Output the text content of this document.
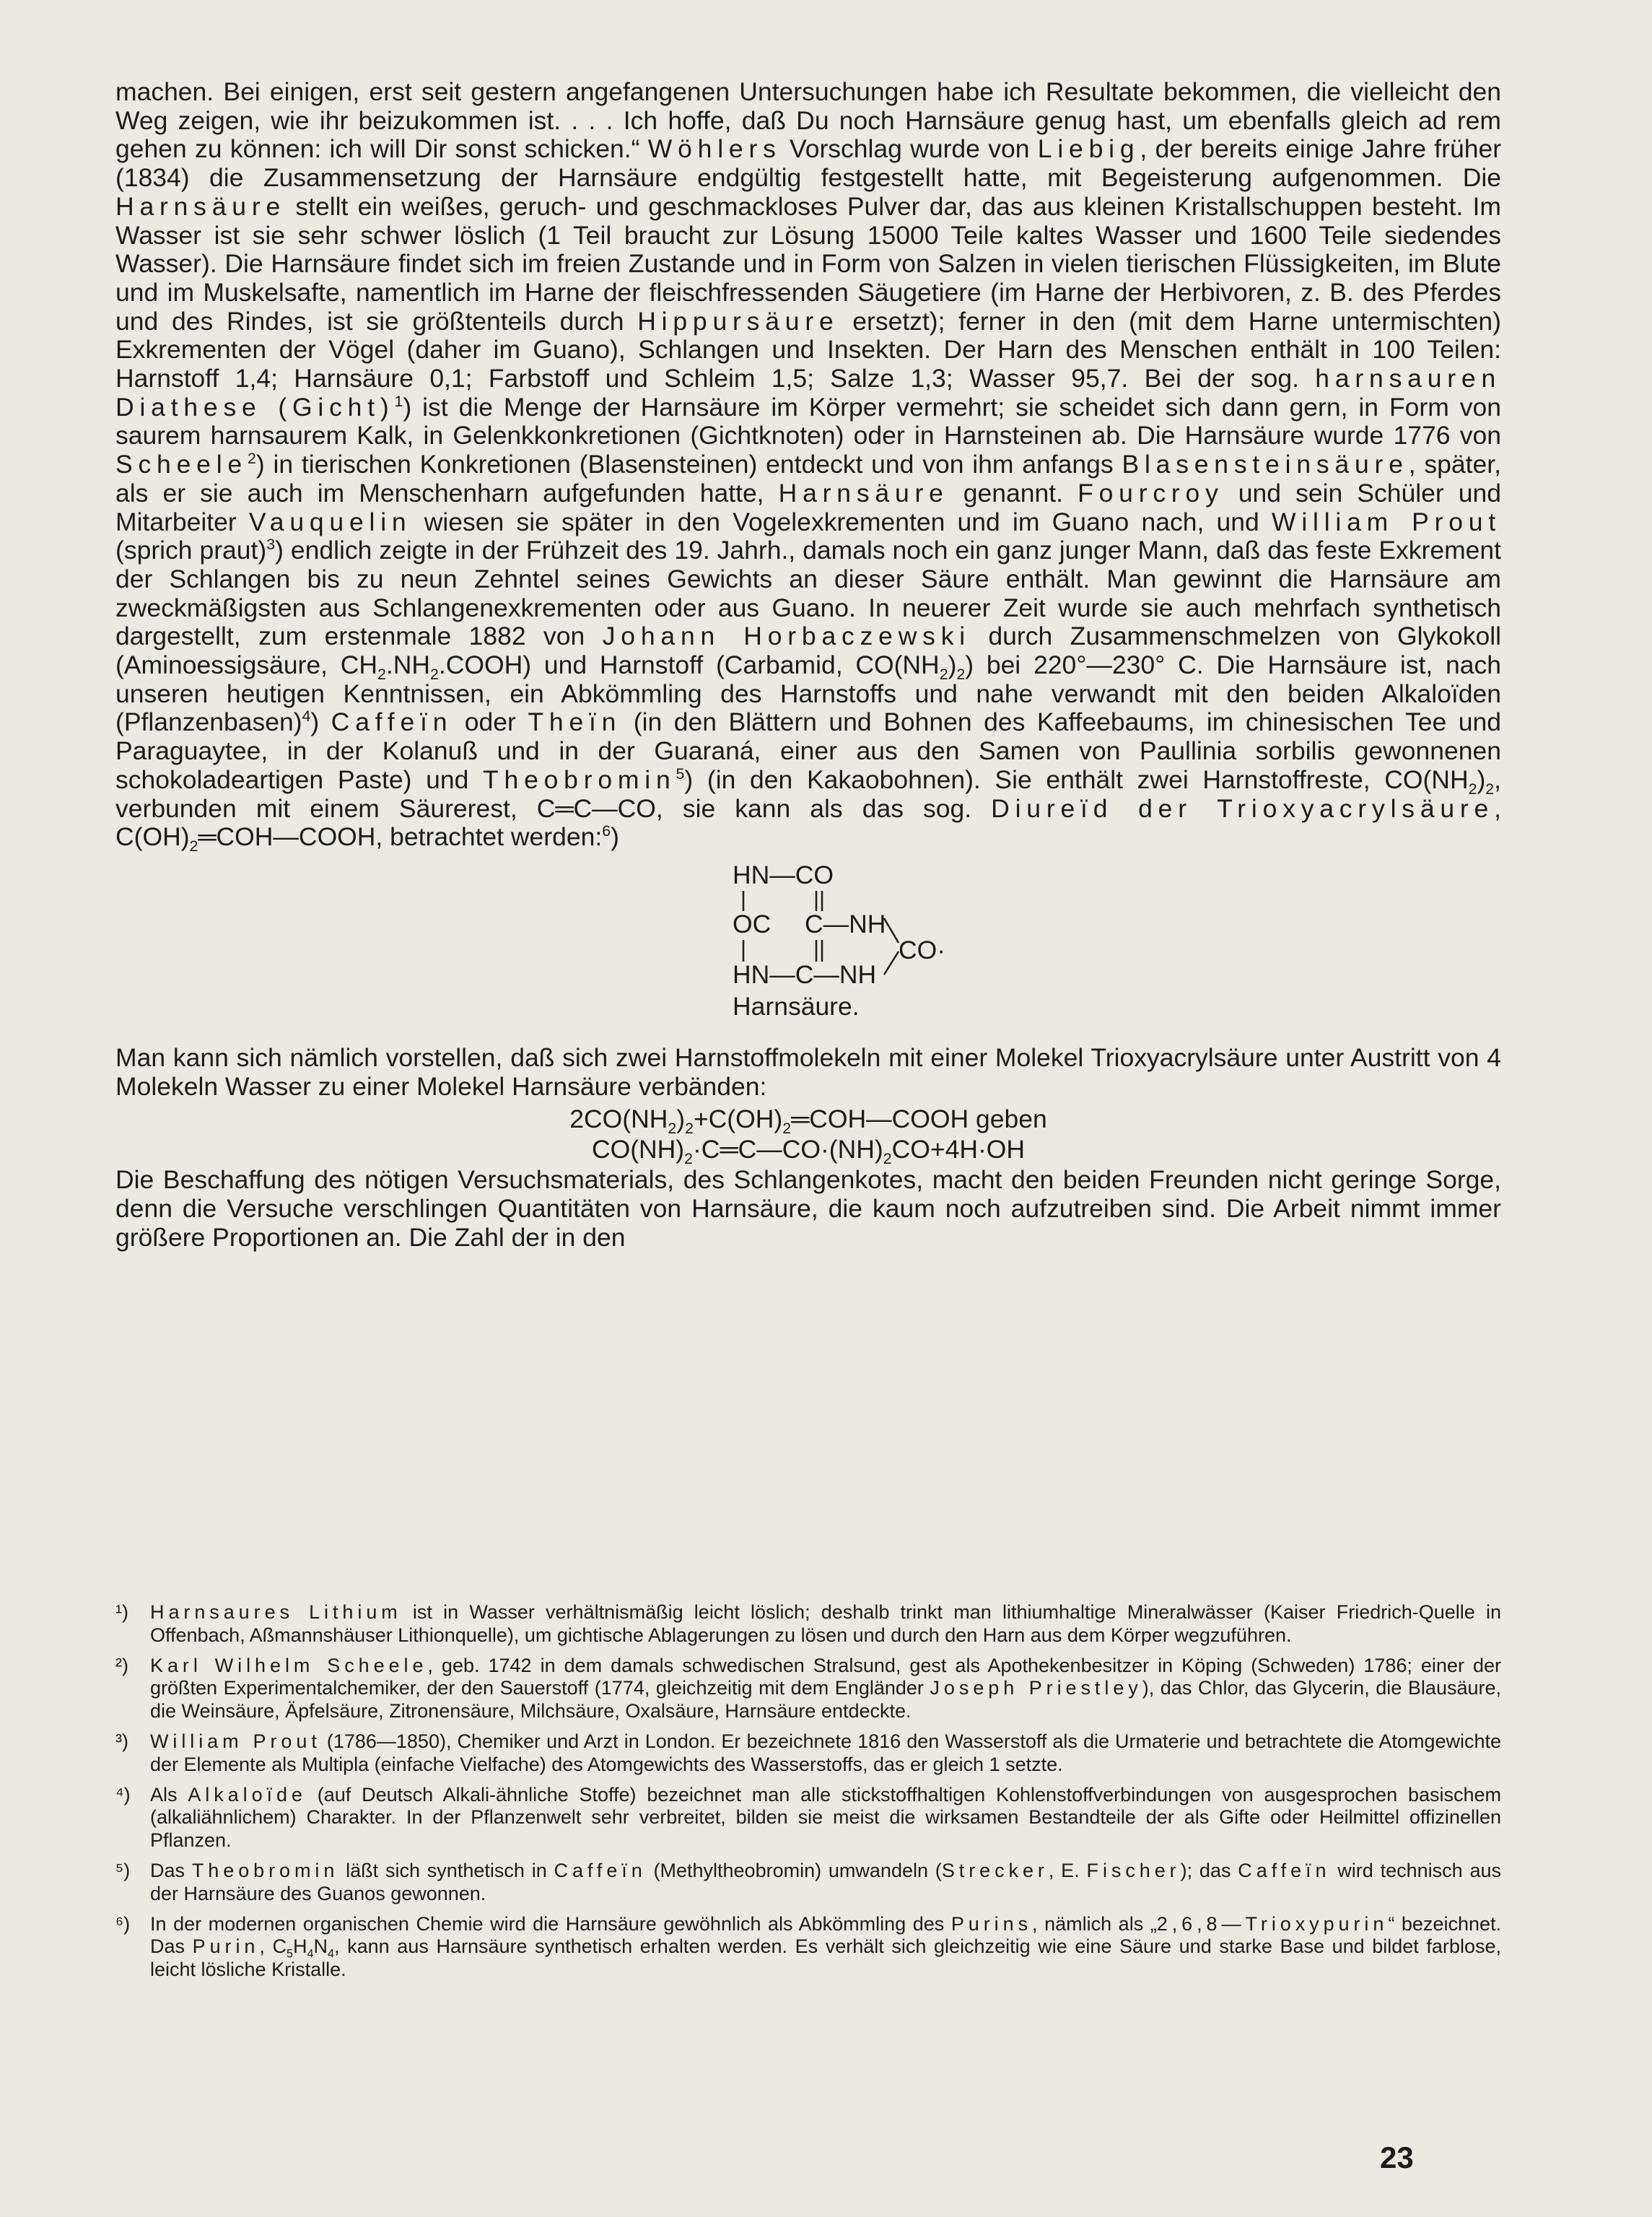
machen. Bei einigen, erst seit gestern angefangenen Untersuchungen habe ich Resultate bekommen, die vielleicht den Weg zeigen, wie ihr beizukommen ist. . . . Ich hoffe, daß Du noch Harnsäure genug hast, um ebenfalls gleich ad rem gehen zu können: ich will Dir sonst schicken.“ Wöhlers Vorschlag wurde von Liebig, der bereits einige Jahre früher (1834) die Zusammensetzung der Harnsäure endgültig festgestellt hatte, mit Begeisterung aufgenommen. Die Harnsäure stellt ein weißes, geruch- und geschmackloses Pulver dar, das aus kleinen Kristallschuppen besteht. Im Wasser ist sie sehr schwer löslich (1 Teil braucht zur Lösung 15000 Teile kaltes Wasser und 1600 Teile siedendes Wasser). Die Harnsäure findet sich im freien Zustande und in Form von Salzen in vielen tierischen Flüssigkeiten, im Blute und im Muskelsafte, namentlich im Harne der fleischfressenden Säugetiere (im Harne der Herbivoren, z. B. des Pferdes und des Rindes, ist sie größtenteils durch Hippursäure ersetzt); ferner in den (mit dem Harne untermischten) Exkrementen der Vögel (daher im Guano), Schlangen und Insekten. Der Harn des Menschen enthält in 100 Teilen: Harnstoff 1,4; Harnsäure 0,1; Farbstoff und Schleim 1,5; Salze 1,3; Wasser 95,7. Bei der sog. harnsauren Diathese (Gicht)$^1$) ist die Menge der Harnsäure im Körper vermehrt; sie scheidet sich dann gern, in Form von saurem harnsaurem Kalk, in Gelenkkonkretionen (Gichtknoten) oder in Harnsteinen ab. Die Harnsäure wurde 1776 von Scheele$^2$) in tierischen Konkretionen (Blasensteinen) entdeckt und von ihm anfangs Blasensteinsäure, später, als er sie auch im Menschenharn aufgefunden hatte, Harnsäure genannt. Fourcroy und sein Schüler und Mitarbeiter Vauquelin wiesen sie später in den Vogelexkrementen und im Guano nach, und William Prout (sprich praut)$^3$) endlich zeigte in der Frühzeit des 19. Jahrh., damals noch ein ganz junger Mann, daß das feste Exkrement der Schlangen bis zu neun Zehntel seines Gewichts an dieser Säure enthält. Man gewinnt die Harnsäure am zweckmäßigsten aus Schlangenexkrementen oder aus Guano. In neuerer Zeit wurde sie auch mehrfach synthetisch dargestellt, zum erstenmale 1882 von Johann Horbaczewski durch Zusammenschmelzen von Glykokoll (Aminoessigsäure, $CH_2.NH_2.COOH$) und Harnstoff (Carbamid, $CO(NH_2)_2$) bei 220°—230° C. Die Harnsäure ist, nach unseren heutigen Kenntnissen, ein Abkömmling des Harnstoffs und nahe verwandt mit den beiden Alkaloïden (Pflanzenbasen)$^4$) Caffeïn oder Theïn (in den Blättern und Bohnen des Kaffeebaums, im chinesischen Tee und Paraguaytee, in der Kolanuß und in der Guaraná, einer aus den Samen von Paullinia sorbilis gewonnenen schokoladeartigen Paste) und Theobromin$^5$) (in den Kakaobohnen). Sie enthält zwei Harnstoffreste, $CO(NH_2)_2$, verbunden mit einem Säurerest, C═C—CO, sie kann als das sog. Diureïd der Trioxyacrylsäure, $C(OH)_2═COH—COOH$, betrachtet werden:$^6$)

HN—CO
OC C—NH
CO·
HN—C—NH
Harnsäure.

Man kann sich nämlich vorstellen, daß sich zwei Harnstoffmolekeln mit einer Molekel Trioxyacrylsäure unter Austritt von 4 Molekeln Wasser zu einer Molekel Harnsäure verbänden:

$2CO(NH_2)_2+C(OH)_2═COH—COOH$ geben
$CO(NH)_2\cdot C═C—CO\cdot(NH)_2CO+4H\cdot OH$

Die Beschaffung des nötigen Versuchsmaterials, des Schlangenkotes, macht den beiden Freunden nicht geringe Sorge, denn die Versuche verschlingen Quantitäten von Harnsäure, die kaum noch aufzutreiben sind. Die Arbeit nimmt immer größere Proportionen an. Die Zahl der in den

¹) Harnsaures Lithium ist in Wasser verhältnismäßig leicht löslich; deshalb trinkt man lithiumhaltige Mineralwässer (Kaiser Friedrich-Quelle in Offenbach, Aßmannshäuser Lithionquelle), um gichtische Ablagerungen zu lösen und durch den Harn aus dem Körper wegzuführen.
²) Karl Wilhelm Scheele, geb. 1742 in dem damals schwedischen Stralsund, gest als Apothekenbesitzer in Köping (Schweden) 1786; einer der größten Experimentalchemiker, der den Sauerstoff (1774, gleichzeitig mit dem Engländer Joseph Priestley), das Chlor, das Glycerin, die Blausäure, die Weinsäure, Äpfelsäure, Zitronensäure, Milchsäure, Oxalsäure, Harnsäure entdeckte.
³) William Prout (1786—1850), Chemiker und Arzt in London. Er bezeichnete 1816 den Wasserstoff als die Urmaterie und betrachtete die Atomgewichte der Elemente als Multipla (einfache Vielfache) des Atomgewichts des Wasserstoffs, das er gleich 1 setzte.
⁴) Als Alkaloïde (auf Deutsch Alkali-ähnliche Stoffe) bezeichnet man alle stickstoffhaltigen Kohlenstoffverbindungen von ausgesprochen basischem (alkaliähnlichem) Charakter. In der Pflanzenwelt sehr verbreitet, bilden sie meist die wirksamen Bestandteile der als Gifte oder Heilmittel offizinellen Pflanzen.
⁵) Das Theobromin läßt sich synthetisch in Caffeïn (Methyltheobromin) umwandeln (Strecker, E. Fischer); das Caffeïn wird technisch aus der Harnsäure des Guanos gewonnen.
⁶) In der modernen organischen Chemie wird die Harnsäure gewöhnlich als Abkömmling des Purins, nämlich als „2,6,8—Trioxypurin“ bezeichnet. Das Purin, $C_5H_4N_4$, kann aus Harnsäure synthetisch erhalten werden. Es verhält sich gleichzeitig wie eine Säure und starke Base und bildet farblose, leicht lösliche Kristalle.
23
